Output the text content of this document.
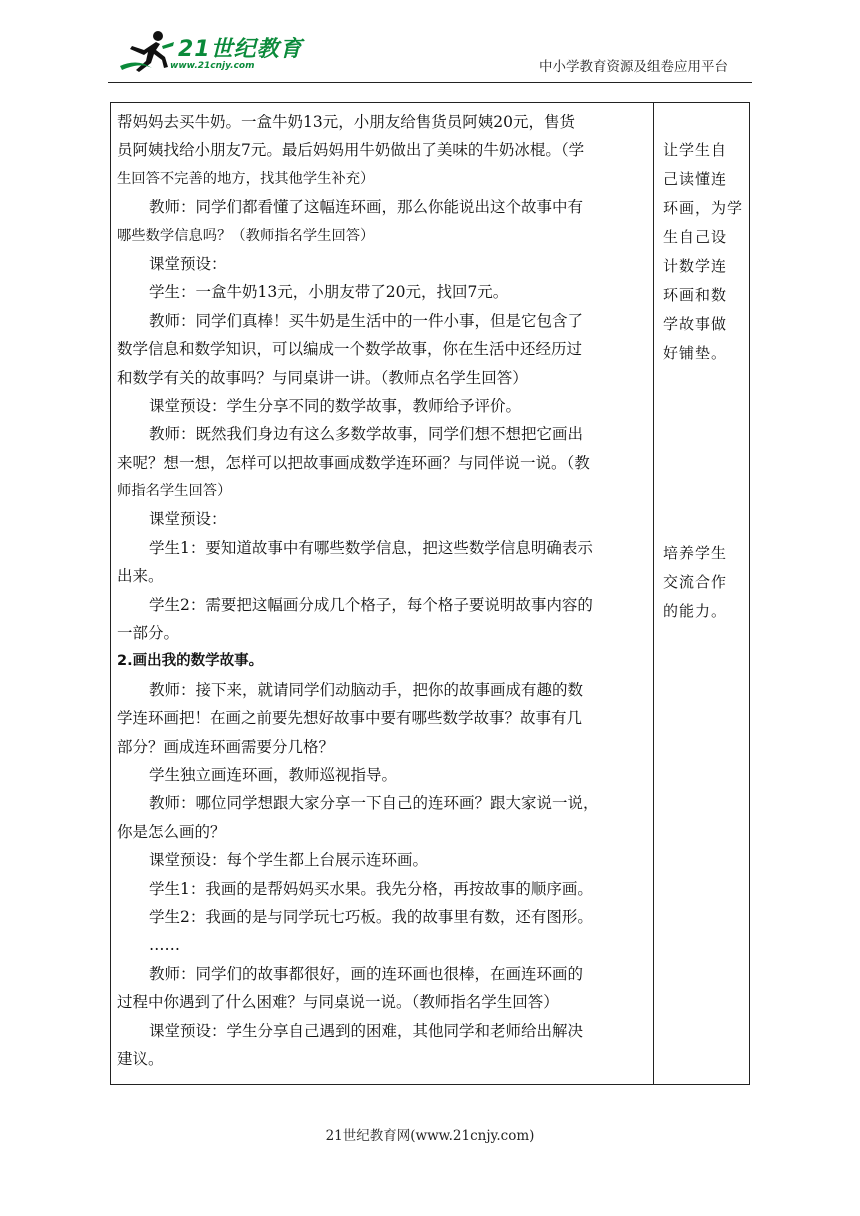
21世纪教育
www.21cnjy.com	中小学教育资源及组卷应用平台
帮妈妈去买牛奶。一盒牛奶13元，小朋友给售货员阿姨20元，售货
员阿姨找给小朋友7元。最后妈妈用牛奶做出了美味的牛奶冰棍。（学
生回答不完善的地方，找其他学生补充）
教师：同学们都看懂了这幅连环画，那么你能说出这个故事中有
哪些数学信息吗？（教师指名学生回答）
课堂预设：
学生：一盒牛奶13元，小朋友带了20元，找回7元。
教师：同学们真棒！买牛奶是生活中的一件小事，但是它包含了
数学信息和数学知识，可以编成一个数学故事，你在生活中还经历过
和数学有关的故事吗？与同桌讲一讲。（教师点名学生回答）
课堂预设：学生分享不同的数学故事，教师给予评价。
教师：既然我们身边有这么多数学故事，同学们想不想把它画出
来呢？想一想，怎样可以把故事画成数学连环画？与同伴说一说。（教
师指名学生回答）
课堂预设：
学生1：要知道故事中有哪些数学信息，把这些数学信息明确表示
出来。
学生2：需要把这幅画分成几个格子，每个格子要说明故事内容的
一部分。
2.画出我的数学故事。
教师：接下来，就请同学们动脑动手，把你的故事画成有趣的数
学连环画把！在画之前要先想好故事中要有哪些数学故事？故事有几
部分？画成连环画需要分几格？
学生独立画连环画，教师巡视指导。
教师：哪位同学想跟大家分享一下自己的连环画？跟大家说一说，
你是怎么画的？
课堂预设：每个学生都上台展示连环画。
学生1：我画的是帮妈妈买水果。我先分格，再按故事的顺序画。
学生2：我画的是与同学玩七巧板。我的故事里有数，还有图形。
……
教师：同学们的故事都很好，画的连环画也很棒，在画连环画的
过程中你遇到了什么困难？与同桌说一说。（教师指名学生回答）
课堂预设：学生分享自己遇到的困难，其他同学和老师给出解决
建议。
让学生自
己读懂连
环画，为学
生自己设
计数学连
环画和数
学故事做
好铺垫。
培养学生
交流合作
的能力。
21世纪教育网(www.21cnjy.com)
